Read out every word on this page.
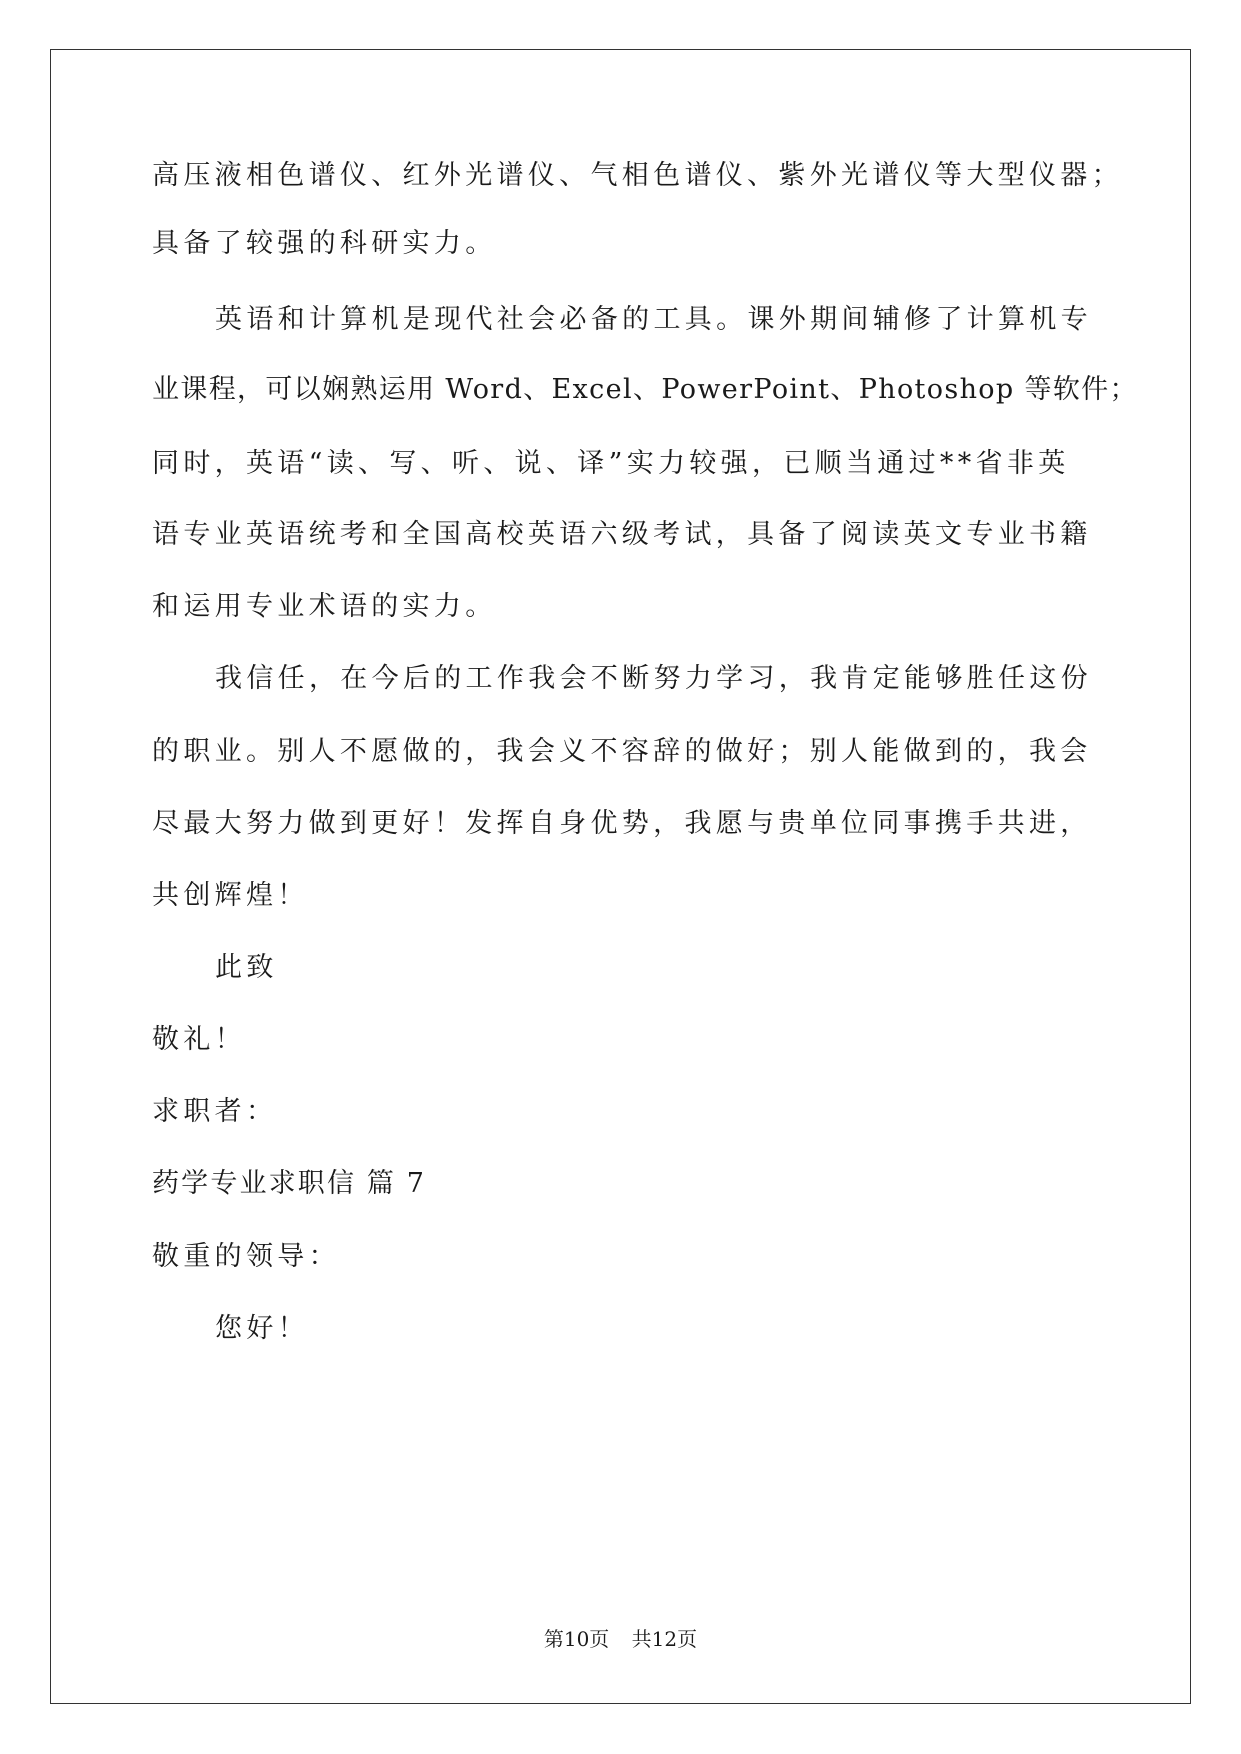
高压液相色谱仪、红外光谱仪、气相色谱仪、紫外光谱仪等大型仪器；
具备了较强的科研实力。
英语和计算机是现代社会必备的工具。课外期间辅修了计算机专
业课程，可以娴熟运用 Word、Excel、PowerPoint、Photoshop 等软件；
同时，英语“读、写、听、说、译”实力较强，已顺当通过**省非英
语专业英语统考和全国高校英语六级考试，具备了阅读英文专业书籍
和运用专业术语的实力。
我信任，在今后的工作我会不断努力学习，我肯定能够胜任这份
的职业。别人不愿做的，我会义不容辞的做好；别人能做到的，我会
尽最大努力做到更好！发挥自身优势，我愿与贵单位同事携手共进，
共创辉煌！
此致
敬礼！
求职者：
药学专业求职信 篇 7
敬重的领导：
您好！
第10页 共12页
